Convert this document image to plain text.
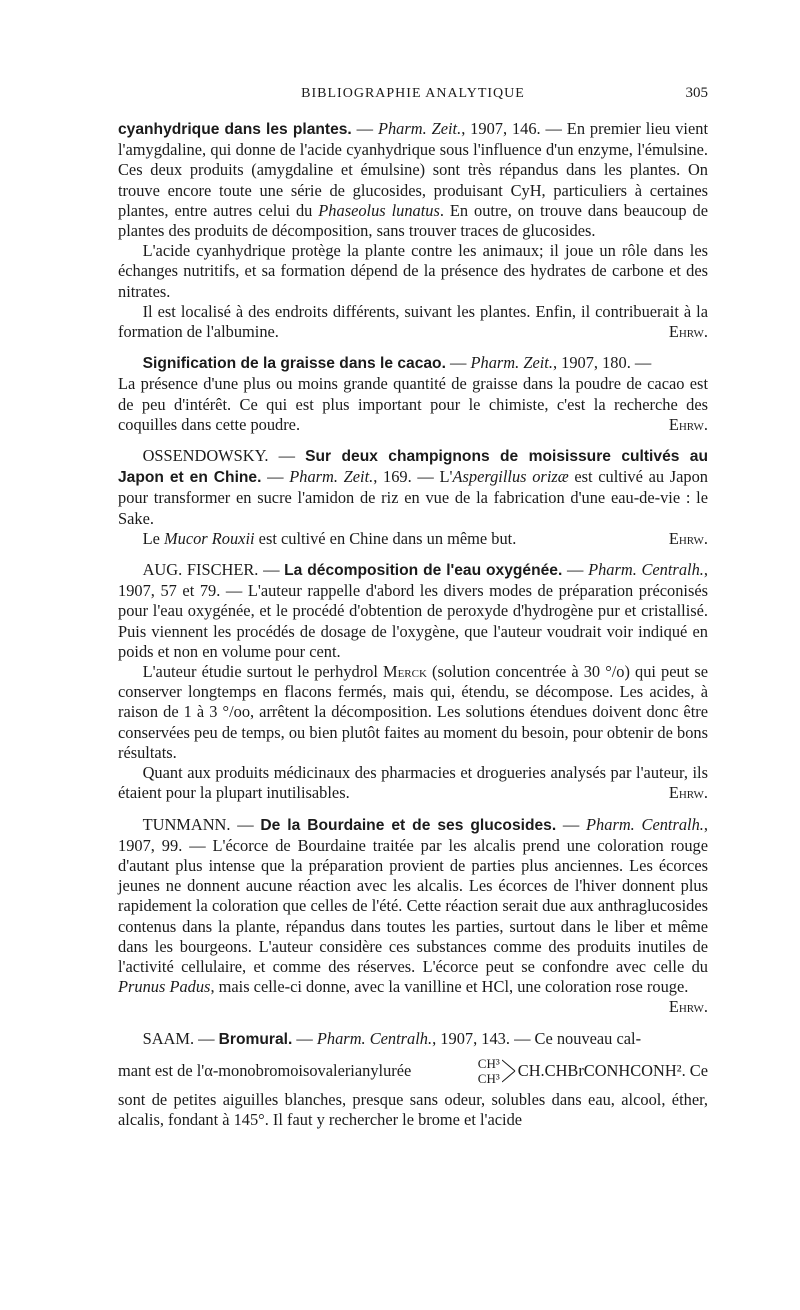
BIBLIOGRAPHIE ANALYTIQUE	305

cyanhydrique dans les plantes. — Pharm. Zeit., 1907, 146. — En premier lieu vient l'amygdaline, qui donne de l'acide cyanhydrique sous l'influence d'un enzyme, l'émulsine. Ces deux produits (amygdaline et émulsine) sont très répandus dans les plantes. On trouve encore toute une série de glucosides, produisant CyH, particuliers à certaines plantes, entre autres celui du Phaseolus lunatus. En outre, on trouve dans beaucoup de plantes des produits de décomposition, sans trouver traces de glucosides.

L'acide cyanhydrique protège la plante contre les animaux; il joue un rôle dans les échanges nutritifs, et sa formation dépend de la présence des hydrates de carbone et des nitrates.

Il est localisé à des endroits différents, suivant les plantes. Enfin, il contribuerait à la formation de l'albumine.	Ehrw.

Signification de la graisse dans le cacao. — Pharm. Zeit., 1907, 180. —

La présence d'une plus ou moins grande quantité de graisse dans la poudre de cacao est de peu d'intérêt. Ce qui est plus important pour le chimiste, c'est la recherche des coquilles dans cette poudre.	Ehrw.

OSSENDOWSKY. — Sur deux champignons de moisissure cultivés au Japon et en Chine. — Pharm. Zeit., 169. — L'Aspergillus orizæ est cultivé au Japon pour transformer en sucre l'amidon de riz en vue de la fabrication d'une eau-de-vie : le Sake.

Le Mucor Rouxii est cultivé en Chine dans un même but.	Ehrw.

AUG. FISCHER. — La décomposition de l'eau oxygénée. — Pharm. Centralh., 1907, 57 et 79. — L'auteur rappelle d'abord les divers modes de préparation préconisés pour l'eau oxygénée, et le procédé d'obtention de peroxyde d'hydrogène pur et cristallisé. Puis viennent les procédés de dosage de l'oxygène, que l'auteur voudrait voir indiqué en poids et non en volume pour cent.

L'auteur étudie surtout le perhydrol Merck (solution concentrée à 30 °/o) qui peut se conserver longtemps en flacons fermés, mais qui, étendu, se décompose. Les acides, à raison de 1 à 3 °/oo, arrêtent la décomposition. Les solutions étendues doivent donc être conservées peu de temps, ou bien plutôt faites au moment du besoin, pour obtenir de bons résultats.

Quant aux produits médicinaux des pharmacies et drogueries analysés par l'auteur, ils étaient pour la plupart inutilisables.	Ehrw.

TUNMANN. — De la Bourdaine et de ses glucosides. — Pharm. Centralh., 1907, 99. — L'écorce de Bourdaine traitée par les alcalis prend une coloration rouge d'autant plus intense que la préparation provient de parties plus anciennes. Les écorces jeunes ne donnent aucune réaction avec les alcalis. Les écorces de l'hiver donnent plus rapidement la coloration que celles de l'été. Cette réaction serait due aux anthraglucosides contenus dans la plante, répandus dans toutes les parties, surtout dans le liber et même dans les bourgeons. L'auteur considère ces substances comme des produits inutiles de l'activité cellulaire, et comme des réserves. L'écorce peut se confondre avec celle du Prunus Padus, mais celle-ci donne, avec la vanilline et HCl, une coloration rose rouge.
Ehrw.

SAAM. — Bromural. — Pharm. Centralh., 1907, 143. — Ce nouveau cal-

mant est de l'α-monobromoisovalerianylurée	CH³
CH³ CH.CHBrCONHCONH². Ce

sont de petites aiguilles blanches, presque sans odeur, solubles dans eau, alcool, éther, alcalis, fondant à 145°. Il faut y rechercher le brome et l'acide
